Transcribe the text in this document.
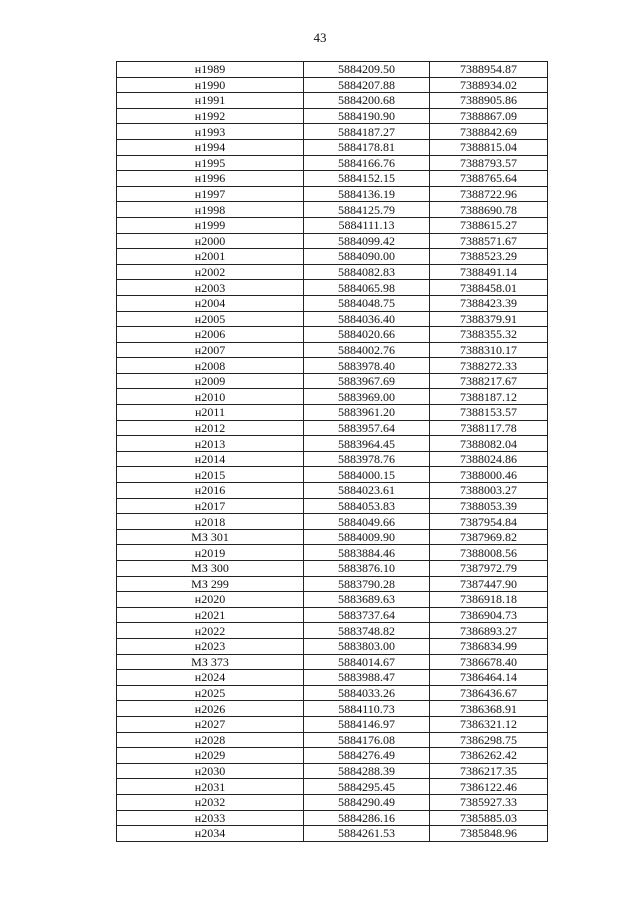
43
н1989	5884209.50	7388954.87
н1990	5884207.88	7388934.02
н1991	5884200.68	7388905.86
н1992	5884190.90	7388867.09
н1993	5884187.27	7388842.69
н1994	5884178.81	7388815.04
н1995	5884166.76	7388793.57
н1996	5884152.15	7388765.64
н1997	5884136.19	7388722.96
н1998	5884125.79	7388690.78
н1999	5884111.13	7388615.27
н2000	5884099.42	7388571.67
н2001	5884090.00	7388523.29
н2002	5884082.83	7388491.14
н2003	5884065.98	7388458.01
н2004	5884048.75	7388423.39
н2005	5884036.40	7388379.91
н2006	5884020.66	7388355.32
н2007	5884002.76	7388310.17
н2008	5883978.40	7388272.33
н2009	5883967.69	7388217.67
н2010	5883969.00	7388187.12
н2011	5883961.20	7388153.57
н2012	5883957.64	7388117.78
н2013	5883964.45	7388082.04
н2014	5883978.76	7388024.86
н2015	5884000.15	7388000.46
н2016	5884023.61	7388003.27
н2017	5884053.83	7388053.39
н2018	5884049.66	7387954.84
МЗ 301	5884009.90	7387969.82
н2019	5883884.46	7388008.56
МЗ 300	5883876.10	7387972.79
МЗ 299	5883790.28	7387447.90
н2020	5883689.63	7386918.18
н2021	5883737.64	7386904.73
н2022	5883748.82	7386893.27
н2023	5883803.00	7386834.99
МЗ 373	5884014.67	7386678.40
н2024	5883988.47	7386464.14
н2025	5884033.26	7386436.67
н2026	5884110.73	7386368.91
н2027	5884146.97	7386321.12
н2028	5884176.08	7386298.75
н2029	5884276.49	7386262.42
н2030	5884288.39	7386217.35
н2031	5884295.45	7386122.46
н2032	5884290.49	7385927.33
н2033	5884286.16	7385885.03
н2034	5884261.53	7385848.96
